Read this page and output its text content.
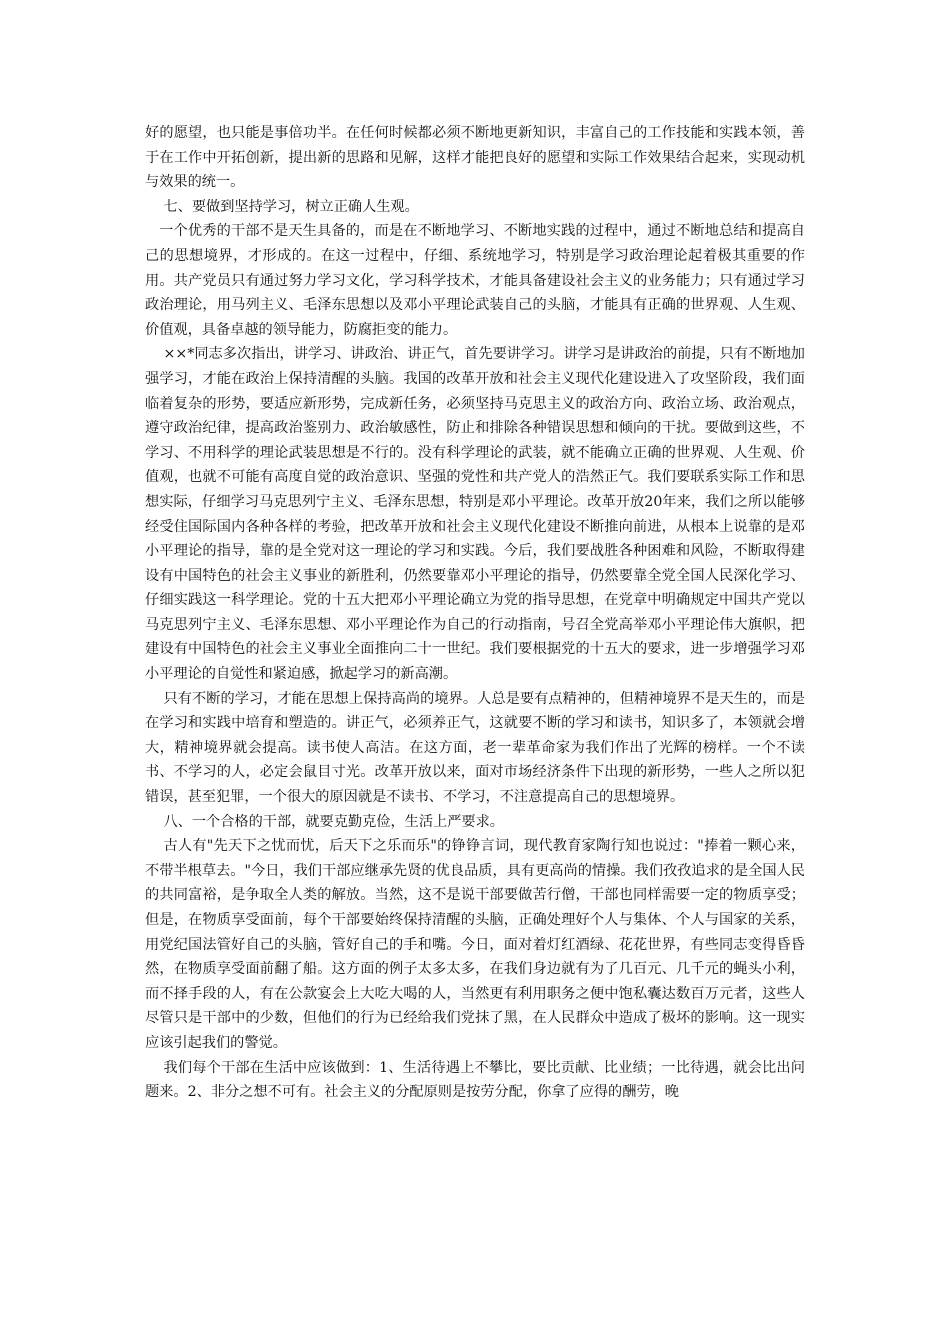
好的愿望，也只能是事倍功半。在任何时候都必须不断地更新知识，丰富自己的工作技能和实践本领，善于在工作中开拓创新，提出新的思路和见解，这样才能把良好的愿望和实际工作效果结合起来，实现动机与效果的统一。

七、要做到坚持学习，树立正确人生观。

一个优秀的干部不是天生具备的，而是在不断地学习、不断地实践的过程中，通过不断地总结和提高自己的思想境界，才形成的。在这一过程中，仔细、系统地学习，特别是学习政治理论起着极其重要的作用。共产党员只有通过努力学习文化，学习科学技术，才能具备建设社会主义的业务能力；只有通过学习政治理论，用马列主义、毛泽东思想以及邓小平理论武装自己的头脑，才能具有正确的世界观、人生观、价值观，具备卓越的领导能力，防腐拒变的能力。

××*同志多次指出，讲学习、讲政治、讲正气，首先要讲学习。讲学习是讲政治的前提，只有不断地加强学习，才能在政治上保持清醒的头脑。我国的改革开放和社会主义现代化建设进入了攻坚阶段，我们面临着复杂的形势，要适应新形势，完成新任务，必须坚持马克思主义的政治方向、政治立场、政治观点，遵守政治纪律，提高政治鉴别力、政治敏感性，防止和排除各种错误思想和倾向的干扰。要做到这些，不学习、不用科学的理论武装思想是不行的。没有科学理论的武装，就不能确立正确的世界观、人生观、价值观，也就不可能有高度自觉的政治意识、坚强的党性和共产党人的浩然正气。我们要联系实际工作和思想实际，仔细学习马克思列宁主义、毛泽东思想，特别是邓小平理论。改革开放20年来，我们之所以能够经受住国际国内各种各样的考验，把改革开放和社会主义现代化建设不断推向前进，从根本上说靠的是邓小平理论的指导，靠的是全党对这一理论的学习和实践。今后，我们要战胜各种困难和风险，不断取得建设有中国特色的社会主义事业的新胜利，仍然要靠邓小平理论的指导，仍然要靠全党全国人民深化学习、仔细实践这一科学理论。党的十五大把邓小平理论确立为党的指导思想，在党章中明确规定中国共产党以马克思列宁主义、毛泽东思想、邓小平理论作为自己的行动指南，号召全党高举邓小平理论伟大旗帜，把建设有中国特色的社会主义事业全面推向二十一世纪。我们要根据党的十五大的要求，进一步增强学习邓小平理论的自觉性和紧迫感，掀起学习的新高潮。

只有不断的学习，才能在思想上保持高尚的境界。人总是要有点精神的，但精神境界不是天生的，而是在学习和实践中培育和塑造的。讲正气，必须养正气，这就要不断的学习和读书，知识多了，本领就会增大，精神境界就会提高。读书使人高洁。在这方面，老一辈革命家为我们作出了光辉的榜样。一个不读书、不学习的人，必定会鼠目寸光。改革开放以来，面对市场经济条件下出现的新形势，一些人之所以犯错误，甚至犯罪，一个很大的原因就是不读书、不学习，不注意提高自己的思想境界。

八、一个合格的干部，就要克勤克俭，生活上严要求。

古人有"先天下之忧而忧，后天下之乐而乐"的铮铮言词，现代教育家陶行知也说过："捧着一颗心来，不带半根草去。"今日，我们干部应继承先贤的优良品质，具有更高尚的情操。我们孜孜追求的是全国人民的共同富裕，是争取全人类的解放。当然，这不是说干部要做苦行僧，干部也同样需要一定的物质享受；但是，在物质享受面前，每个干部要始终保持清醒的头脑，正确处理好个人与集体、个人与国家的关系，用党纪国法管好自己的头脑，管好自己的手和嘴。今日，面对着灯红酒绿、花花世界，有些同志变得昏昏然，在物质享受面前翻了船。这方面的例子太多太多，在我们身边就有为了几百元、几千元的蝇头小利，而不择手段的人，有在公款宴会上大吃大喝的人，当然更有利用职务之便中饱私囊达数百万元者，这些人尽管只是干部中的少数，但他们的行为已经给我们党抹了黑，在人民群众中造成了极坏的影响。这一现实应该引起我们的警觉。

我们每个干部在生活中应该做到：1、生活待遇上不攀比，要比贡献、比业绩；一比待遇，就会比出问题来。2、非分之想不可有。社会主义的分配原则是按劳分配，你拿了应得的酬劳，晚
